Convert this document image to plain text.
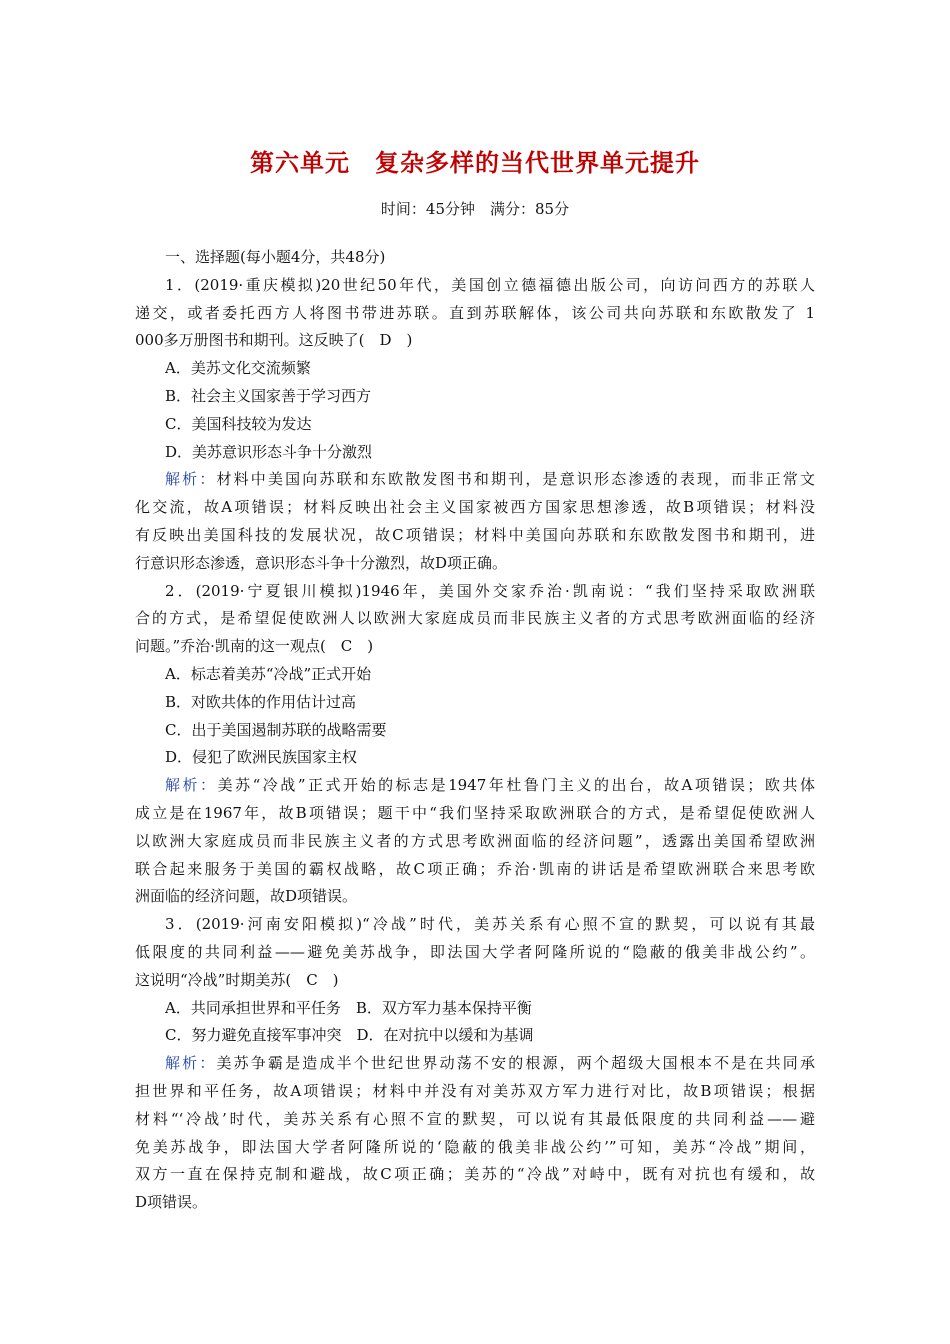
第六单元　复杂多样的当代世界单元提升
时间：45分钟　满分：85分
一、选择题(每小题4分，共48分)
1．(2019·重庆模拟)20世纪50年代，美国创立德福德出版公司，向访问西方的苏联人
递交，或者委托西方人将图书带进苏联。直到苏联解体，该公司共向苏联和东欧散发了 1
000多万册图书和期刊。这反映了(　D　)
A．美苏文化交流频繁
B．社会主义国家善于学习西方
C．美国科技较为发达
D．美苏意识形态斗争十分激烈
解析：材料中美国向苏联和东欧散发图书和期刊，是意识形态渗透的表现，而非正常文
化交流，故A项错误；材料反映出社会主义国家被西方国家思想渗透，故B项错误；材料没
有反映出美国科技的发展状况，故C项错误；材料中美国向苏联和东欧散发图书和期刊，进
行意识形态渗透，意识形态斗争十分激烈，故D项正确。
2．(2019·宁夏银川模拟)1946年，美国外交家乔治·凯南说：“我们坚持采取欧洲联
合的方式，是希望促使欧洲人以欧洲大家庭成员而非民族主义者的方式思考欧洲面临的经济
问题。”乔治·凯南的这一观点(　C　)
A．标志着美苏“冷战”正式开始
B．对欧共体的作用估计过高
C．出于美国遏制苏联的战略需要
D．侵犯了欧洲民族国家主权
解析：美苏“冷战”正式开始的标志是1947年杜鲁门主义的出台，故A项错误；欧共体
成立是在1967年，故B项错误；题干中“我们坚持采取欧洲联合的方式，是希望促使欧洲人
以欧洲大家庭成员而非民族主义者的方式思考欧洲面临的经济问题”，透露出美国希望欧洲
联合起来服务于美国的霸权战略，故C项正确；乔治·凯南的讲话是希望欧洲联合来思考欧
洲面临的经济问题，故D项错误。
3．(2019·河南安阳模拟)“冷战”时代，美苏关系有心照不宣的默契，可以说有其最
低限度的共同利益——避免美苏战争，即法国大学者阿隆所说的“隐蔽的俄美非战公约”。
这说明“冷战”时期美苏(　C　)
A．共同承担世界和平任务　B．双方军力基本保持平衡
C．努力避免直接军事冲突　D．在对抗中以缓和为基调
解析：美苏争霸是造成半个世纪世界动荡不安的根源，两个超级大国根本不是在共同承
担世界和平任务，故A项错误；材料中并没有对美苏双方军力进行对比，故B项错误；根据
材料“‘冷战’时代，美苏关系有心照不宣的默契，可以说有其最低限度的共同利益——避
免美苏战争，即法国大学者阿隆所说的‘隐蔽的俄美非战公约’”可知，美苏“冷战”期间，
双方一直在保持克制和避战，故C项正确；美苏的“冷战”对峙中，既有对抗也有缓和，故
D项错误。
